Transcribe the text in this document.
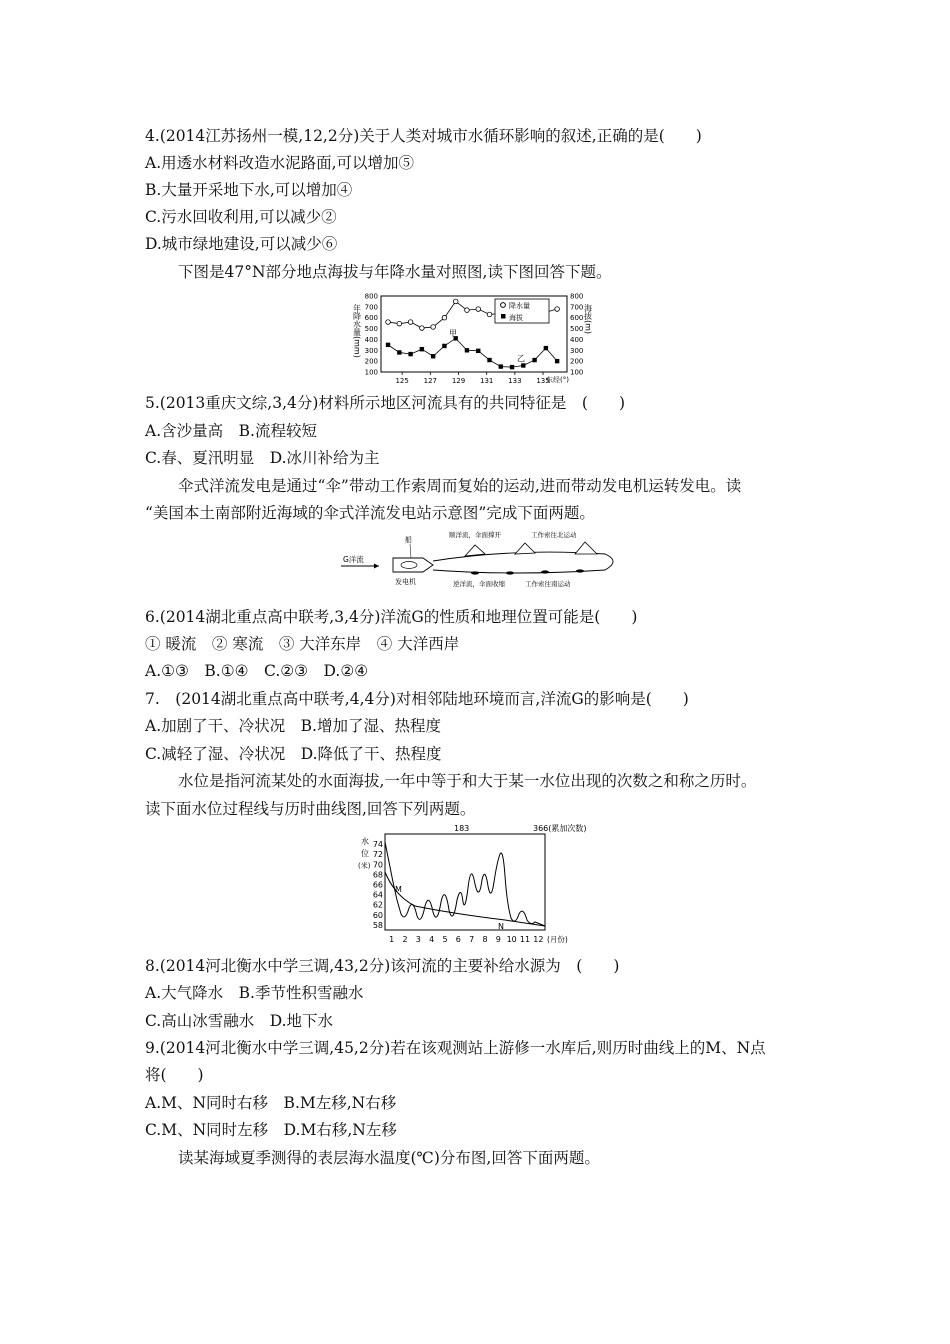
4.(2014江苏扬州一模,12,2分)关于人类对城市水循环影响的叙述,正确的是(　　)
A.用透水材料改造水泥路面,可以增加⑤
B.大量开采地下水,可以增加④
C.污水回收利用,可以减少②
D.城市绿地建设,可以减少⑥
下图是47°N部分地点海拔与年降水量对照图,读下图回答下题。
年降水量(mm)	海拔(m)
800	800
700	700
600	600
500	500
400	400
300	300
200	200
100	100
125 127 129 131 133 135
降水量
海拔
甲
乙
东经(°)
5.(2013重庆文综,3,4分)材料所示地区河流具有的共同特征是　(　　)
A.含沙量高　B.流程较短
C.春、夏汛明显　D.冰川补给为主
伞式洋流发电是通过“伞”带动工作索周而复始的运动,进而带动发电机运转发电。读
“美国本土南部附近海域的伞式洋流发电站示意图”完成下面两题。
G洋流
船
发电机
顺洋流，伞面撑开	工作索往北运动
逆洋流，伞面收缩	工作索往南运动
6.(2014湖北重点高中联考,3,4分)洋流G的性质和地理位置可能是(　　)
① 暖流　② 寒流　③ 大洋东岸　④ 大洋西岸
A.①③　B.①④　C.②③　D.②④
7.　(2014湖北重点高中联考,4,4分)对相邻陆地环境而言,洋流G的影响是(　　)
A.加剧了干、冷状况　B.增加了湿、热程度
C.减轻了湿、冷状况　D.降低了干、热程度
水位是指河流某处的水面海拔,一年中等于和大于某一水位出现的次数之和称之历时。
读下面水位过程线与历时曲线图,回答下列两题。
水
位
(米)
183	366(累加次数)
74
72
70
68
66
64
62
60
58
1 2 3 4 5 6 7 8 9 10 11 12 (月份)
M
N
8.(2014河北衡水中学三调,43,2分)该河流的主要补给水源为　(　　)
A.大气降水　B.季节性积雪融水
C.高山冰雪融水　D.地下水
9.(2014河北衡水中学三调,45,2分)若在该观测站上游修一水库后,则历时曲线上的M、N点
将(　　)
A.M、N同时右移　B.M左移,N右移
C.M、N同时左移　D.M右移,N左移
读某海域夏季测得的表层海水温度(℃)分布图,回答下面两题。
